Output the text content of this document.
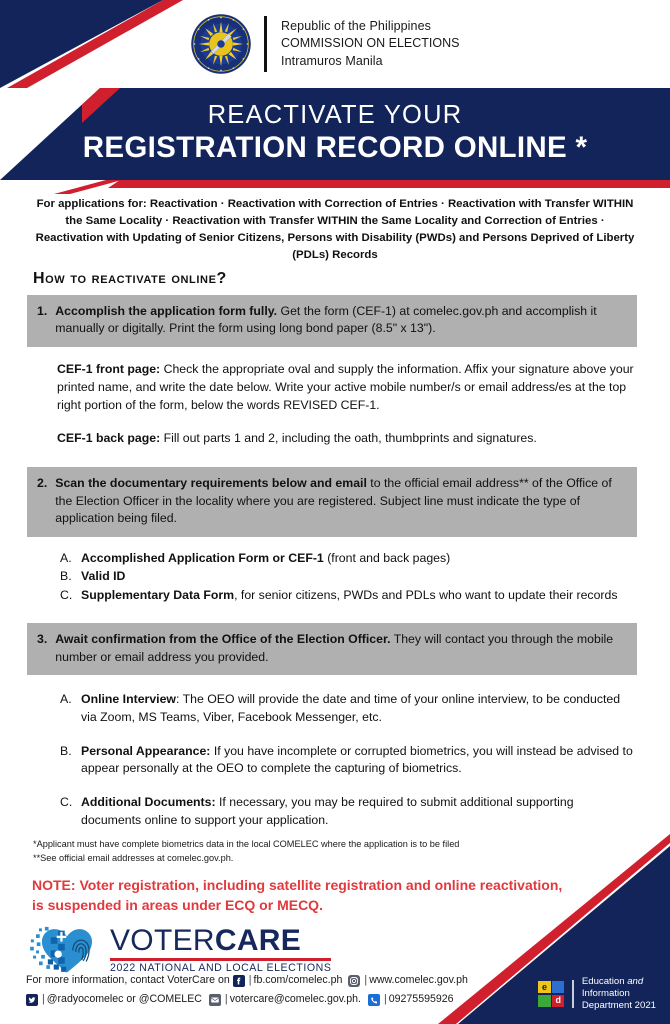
Republic of the Philippines
COMMISSION ON ELECTIONS
Intramuros Manila
REACTIVATE YOUR
REGISTRATION RECORD ONLINE *
For applications for: Reactivation · Reactivation with Correction of Entries · Reactivation with Transfer WITHIN the Same Locality · Reactivation with Transfer WITHIN the Same Locality and Correction of Entries · Reactivation with Updating of Senior Citizens, Persons with Disability (PWDs) and Persons Deprived of Liberty (PDLs) Records
How to reactivate online?
1. Accomplish the application form fully. Get the form (CEF-1) at comelec.gov.ph and accomplish it manually or digitally. Print the form using long bond paper (8.5" x 13").
CEF-1 front page: Check the appropriate oval and supply the information. Affix your signature above your printed name, and write the date below. Write your active mobile number/s or email address/es at the top right portion of the form, below the words REVISED CEF-1.
CEF-1 back page: Fill out parts 1 and 2, including the oath, thumbprints and signatures.
2. Scan the documentary requirements below and email to the official email address** of the Office of the Election Officer in the locality where you are registered. Subject line must indicate the type of application being filed.
A. Accomplished Application Form or CEF-1 (front and back pages)
B. Valid ID
C. Supplementary Data Form, for senior citizens, PWDs and PDLs who want to update their records
3. Await confirmation from the Office of the Election Officer. They will contact you through the mobile number or email address you provided.
A. Online Interview: The OEO will provide the date and time of your online interview, to be conducted via Zoom, MS Teams, Viber, Facebook Messenger, etc.
B. Personal Appearance: If you have incomplete or corrupted biometrics, you will instead be advised to appear personally at the OEO to complete the capturing of biometrics.
C. Additional Documents: If necessary, you may be required to submit additional supporting documents online to support your application.
*Applicant must have complete biometrics data in the local COMELEC where the application is to be filed
**See official email addresses at comelec.gov.ph.
NOTE: Voter registration, including satellite registration and online reactivation,
is suspended in areas under ECQ or MECQ.
VOTERCARE
2022 NATIONAL AND LOCAL ELECTIONS
For more information, contact VoterCare on | fb.com/comelec.ph | www.comelec.gov.ph
| @radyocomelec or @COMELEC | votercare@comelec.gov.ph. | 09275595926
e
d
Education and
Information
Department 2021
